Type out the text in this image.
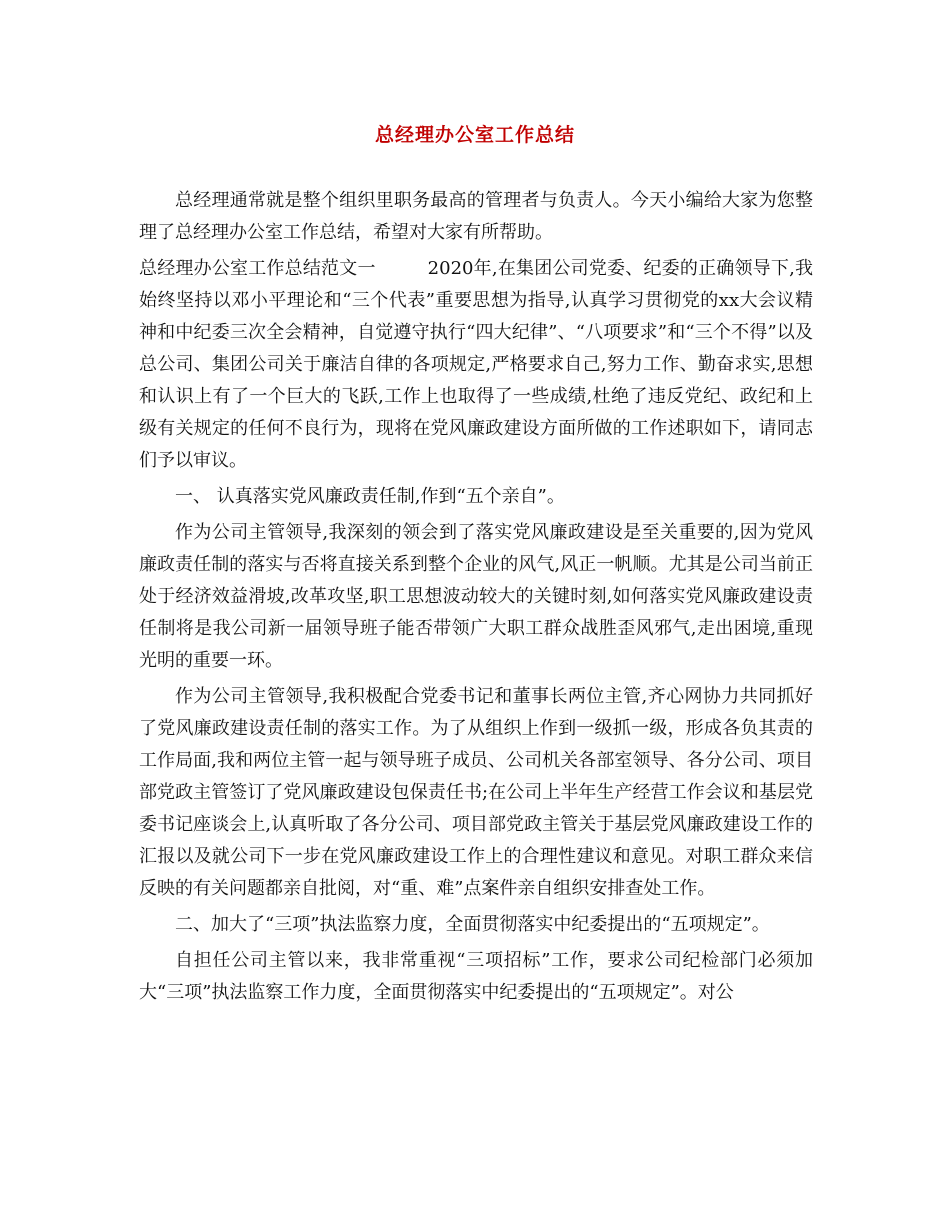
总经理办公室工作总结

总经理通常就是整个组织里职务最高的管理者与负责人。今天小编给大家为您整理了总经理办公室工作总结，希望对大家有所帮助。

总经理办公室工作总结范文一	2020年,在集团公司党委、纪委的正确领导下,我始终坚持以邓小平理论和“三个代表”重要思想为指导,认真学习贯彻党的xx大会议精神和中纪委三次全会精神，自觉遵守执行“四大纪律”、“八项要求”和“三个不得”以及总公司、集团公司关于廉洁自律的各项规定,严格要求自己,努力工作、勤奋求实,思想和认识上有了一个巨大的飞跃,工作上也取得了一些成绩,杜绝了违反党纪、政纪和上级有关规定的任何不良行为，现将在党风廉政建设方面所做的工作述职如下，请同志们予以审议。

一、 认真落实党风廉政责任制,作到“五个亲自”。

作为公司主管领导,我深刻的领会到了落实党风廉政建设是至关重要的,因为党风廉政责任制的落实与否将直接关系到整个企业的风气,风正一帆顺。尤其是公司当前正处于经济效益滑坡,改革攻坚,职工思想波动较大的关键时刻,如何落实党风廉政建设责任制将是我公司新一届领导班子能否带领广大职工群众战胜歪风邪气,走出困境,重现光明的重要一环。

作为公司主管领导,我积极配合党委书记和董事长两位主管,齐心网协力共同抓好了党风廉政建设责任制的落实工作。为了从组织上作到一级抓一级，形成各负其责的工作局面,我和两位主管一起与领导班子成员、公司机关各部室领导、各分公司、项目部党政主管签订了党风廉政建设包保责任书;在公司上半年生产经营工作会议和基层党委书记座谈会上,认真听取了各分公司、项目部党政主管关于基层党风廉政建设工作的汇报以及就公司下一步在党风廉政建设工作上的合理性建议和意见。对职工群众来信反映的有关问题都亲自批阅，对“重、难”点案件亲自组织安排查处工作。

二、加大了“三项”执法监察力度，全面贯彻落实中纪委提出的“五项规定”。

自担任公司主管以来，我非常重视“三项招标”工作，要求公司纪检部门必须加大“三项”执法监察工作力度，全面贯彻落实中纪委提出的“五项规定”。对公
